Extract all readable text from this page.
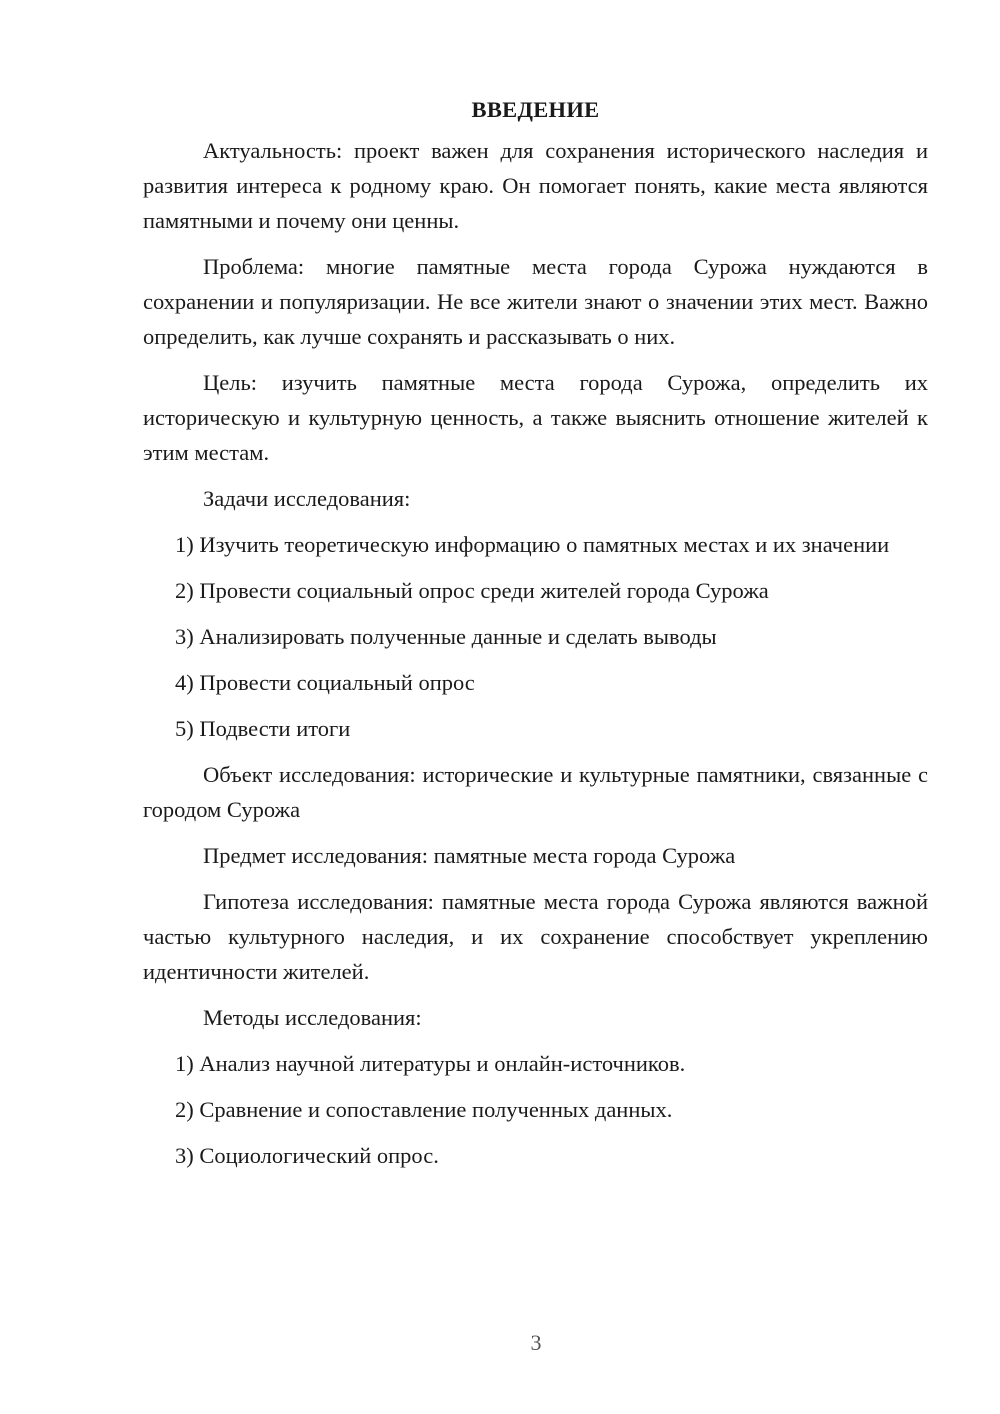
ВВЕДЕНИЕ

Актуальность: проект важен для сохранения исторического наследия и развития интереса к родному краю. Он помогает понять, какие места являются памятными и почему они ценны.

Проблема: многие памятные места города Сурожа нуждаются в сохранении и популяризации. Не все жители знают о значении этих мест. Важно определить, как лучше сохранять и рассказывать о них.

Цель: изучить памятные места города Сурожа, определить их историческую и культурную ценность, а также выяснить отношение жителей к этим местам.

Задачи исследования:

1) Изучить теоретическую информацию о памятных местах и их значении

2) Провести социальный опрос среди жителей города Сурожа
3) Анализировать полученные данные и сделать выводы
4) Провести социальный опрос
5) Подвести итоги

Объект исследования: исторические и культурные памятники, связанные с городом Сурожа

Предмет исследования: памятные места города Сурожа

Гипотеза исследования: памятные места города Сурожа являются важной частью культурного наследия, и их сохранение способствует укреплению идентичности жителей.

Методы исследования:

1) Анализ научной литературы и онлайн-источников.
2) Сравнение и сопоставление полученных данных.
3) Социологический опрос.
3
